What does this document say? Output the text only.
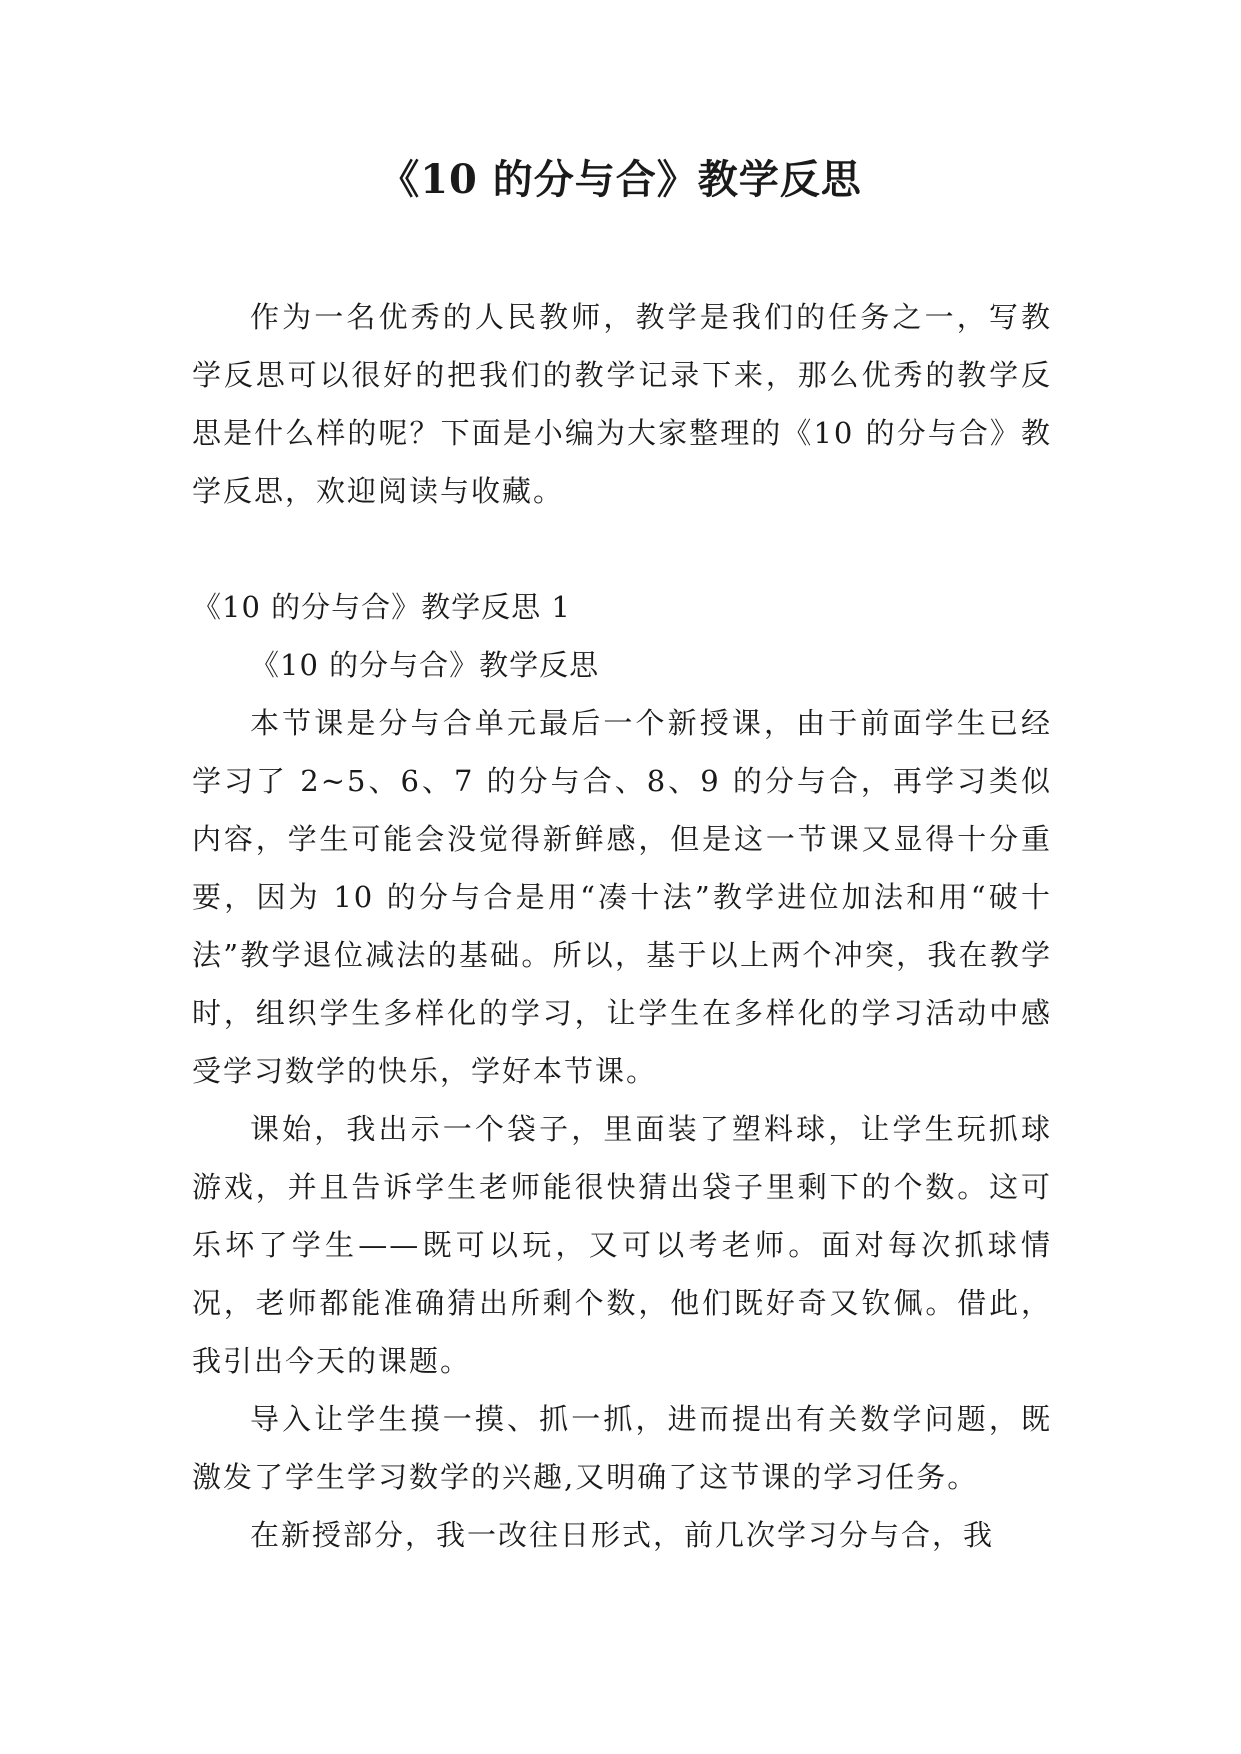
《10 的分与合》教学反思

作为一名优秀的人民教师，教学是我们的任务之一，写教学反思可以很好的把我们的教学记录下来，那么优秀的教学反思是什么样的呢？下面是小编为大家整理的《10 的分与合》教学反思，欢迎阅读与收藏。

《10 的分与合》教学反思 1

《10 的分与合》教学反思

本节课是分与合单元最后一个新授课，由于前面学生已经学习了 2~5、6、7 的分与合、8、9 的分与合，再学习类似内容，学生可能会没觉得新鲜感，但是这一节课又显得十分重要，因为 10 的分与合是用“凑十法”教学进位加法和用“破十法”教学退位减法的基础。所以，基于以上两个冲突，我在教学时，组织学生多样化的学习，让学生在多样化的学习活动中感受学习数学的快乐，学好本节课。

课始，我出示一个袋子，里面装了塑料球，让学生玩抓球游戏，并且告诉学生老师能很快猜出袋子里剩下的个数。这可乐坏了学生——既可以玩，又可以考老师。面对每次抓球情况，老师都能准确猜出所剩个数，他们既好奇又钦佩。借此，我引出今天的课题。

导入让学生摸一摸、抓一抓，进而提出有关数学问题，既激发了学生学习数学的兴趣,又明确了这节课的学习任务。

在新授部分，我一改往日形式，前几次学习分与合，我
